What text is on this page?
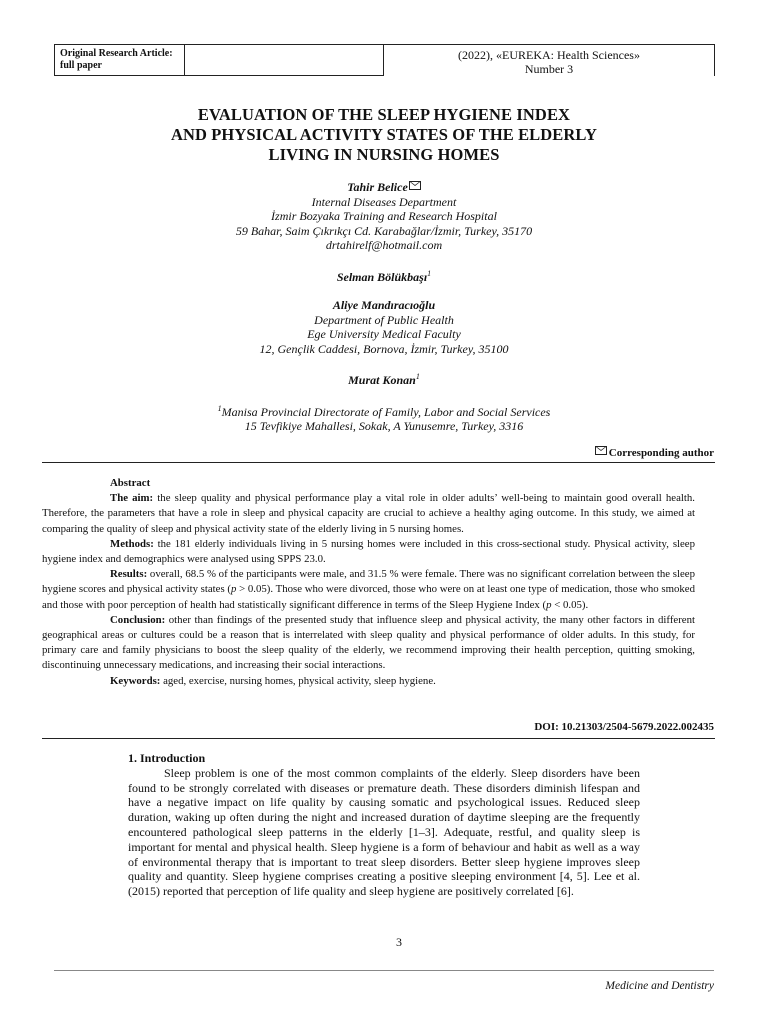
Original Research Article: full paper
(2022), «EUREKA: Health Sciences»
Number 3
EVALUATION OF THE SLEEP HYGIENE INDEX
AND PHYSICAL ACTIVITY STATES OF THE ELDERLY
LIVING IN NURSING HOMES
Tahir Belice
Internal Diseases Department
İzmir Bozyaka Training and Research Hospital
59 Bahar, Saim Çıkrıkçı Cd. Karabağlar/İzmir, Turkey, 35170
drtahirelf@hotmail.com
Selman Bölükbaşı$^1$
Aliye Mandıracıoğlu
Department of Public Health
Ege University Medical Faculty
12, Gençlik Caddesi, Bornova, İzmir, Turkey, 35100
Murat Konan$^1$
$^1$Manisa Provincial Directorate of Family, Labor and Social Services
15 Tevfikiye Mahallesi, Sokak, A Yunusemre, Turkey, 3316
Corresponding author
Abstract

The aim: the sleep quality and physical performance play a vital role in older adults’ well-being to maintain good overall health. Therefore, the parameters that have a role in sleep and physical capacity are crucial to achieve a healthy aging outcome. In this study, we aimed at comparing the quality of sleep and physical activity state of the elderly living in 5 nursing homes.

Methods: the 181 elderly individuals living in 5 nursing homes were included in this cross-sectional study. Physical activity, sleep hygiene index and demographics were analysed using SPPS 23.0.

Results: overall, 68.5 % of the participants were male, and 31.5 % were female. There was no significant correlation between the sleep hygiene scores and physical activity states (p > 0.05). Those who were divorced, those who were on at least one type of medication, those who smoked and those with poor perception of health had statistically significant difference in terms of the Sleep Hygiene Index (p < 0.05).

Conclusion: other than findings of the presented study that influence sleep and physical activity, the many other factors in different geographical areas or cultures could be a reason that is interrelated with sleep quality and physical performance of older adults. In this study, for primary care and family physicians to boost the sleep quality of the elderly, we recommend improving their health perception, quitting smoking, discontinuing unnecessary medications, and increasing their social interactions.

Keywords: aged, exercise, nursing homes, physical activity, sleep hygiene.

DOI: 10.21303/2504-5679.2022.002435
1. Introduction

Sleep problem is one of the most common complaints of the elderly. Sleep disorders have been found to be strongly correlated with diseases or premature death. These disorders diminish lifespan and have a negative impact on life quality by causing somatic and psychological issues. Reduced sleep duration, waking up often during the night and increased duration of daytime sleeping are the frequently encountered pathological sleep patterns in the elderly [1–3]. Adequate, restful, and quality sleep is important for mental and physical health. Sleep hygiene is a form of behaviour and habit as well as a way of environmental therapy that is important to treat sleep disorders. Better sleep hygiene improves sleep quality and quantity. Sleep hygiene comprises creating a positive sleeping environment [4, 5]. Lee et al. (2015) reported that perception of life quality and sleep hygiene are positively correlated [6].

3
Medicine and Dentistry
